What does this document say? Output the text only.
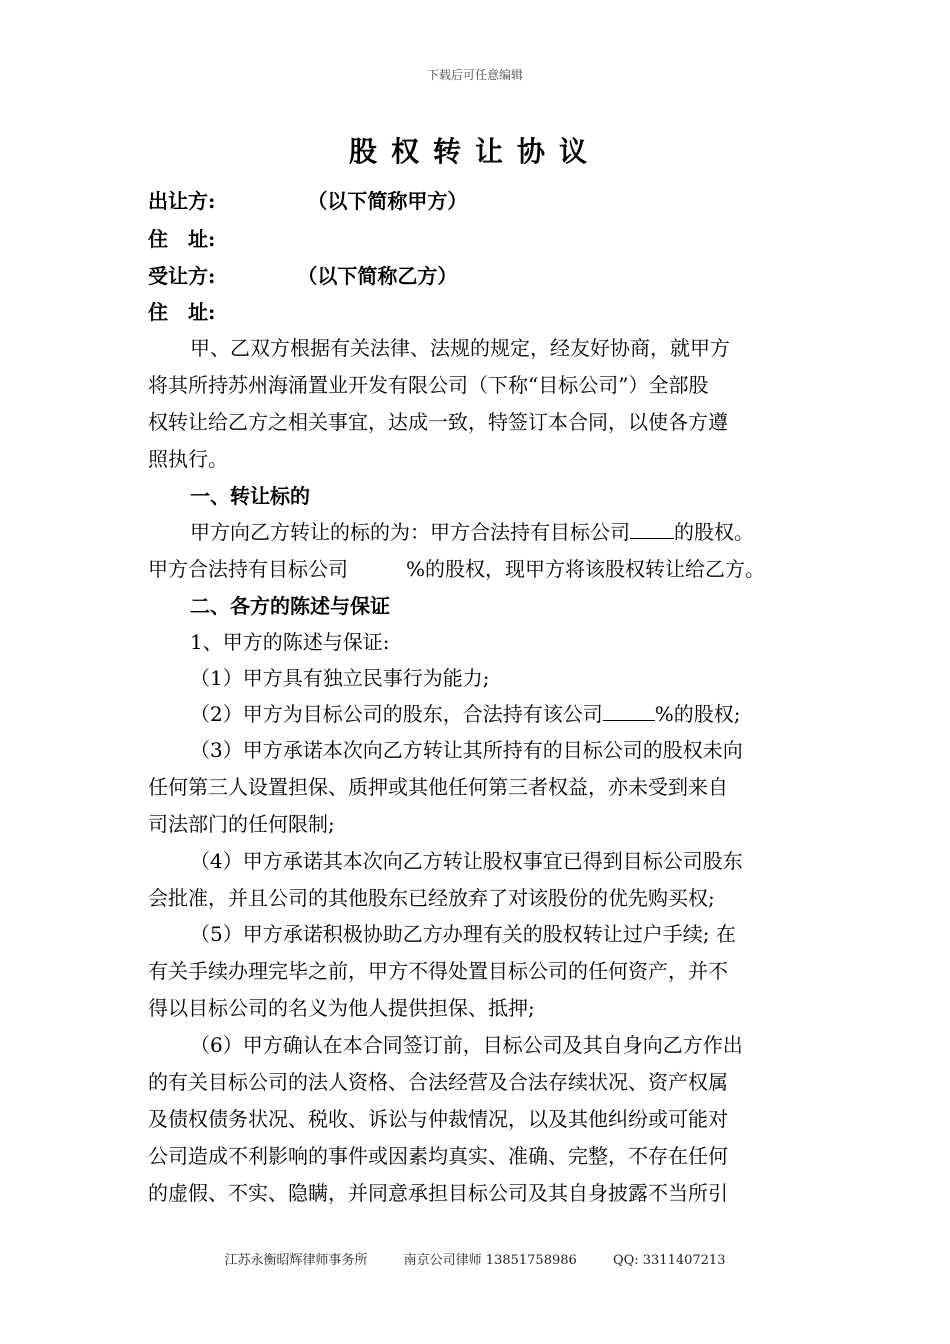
下载后可任意编辑
股权转让协议
出让方:	（以下简称甲方）
住　址:
受让方:	（以下简称乙方）
住　址:
甲、乙双方根据有关法律、法规的规定，经友好协商，就甲方
将其所持苏州海涌置业开发有限公司（下称“目标公司”）全部股
权转让给乙方之相关事宜，达成一致，特签订本合同，以使各方遵
照执行。
一、转让标的
甲方向乙方转让的标的为：甲方合法持有目标公司 的股权。
甲方合法持有目标公司	%的股权，现甲方将该股权转让给乙方。
二、各方的陈述与保证
1、甲方的陈述与保证:
（1）甲方具有独立民事行为能力;
（2）甲方为目标公司的股东，合法持有该公司	%的股权;
（3）甲方承诺本次向乙方转让其所持有的目标公司的股权未向
任何第三人设置担保、质押或其他任何第三者权益，亦未受到来自
司法部门的任何限制;
（4）甲方承诺其本次向乙方转让股权事宜已得到目标公司股东
会批准，并且公司的其他股东已经放弃了对该股份的优先购买权;
（5）甲方承诺积极协助乙方办理有关的股权转让过户手续; 在
有关手续办理完毕之前，甲方不得处置目标公司的任何资产，并不
得以目标公司的名义为他人提供担保、抵押;
（6）甲方确认在本合同签订前，目标公司及其自身向乙方作出
的有关目标公司的法人资格、合法经营及合法存续状况、资产权属
及债权债务状况、税收、诉讼与仲裁情况，以及其他纠纷或可能对
公司造成不利影响的事件或因素均真实、准确、完整，不存在任何
的虚假、不实、隐瞒，并同意承担目标公司及其自身披露不当所引
江苏永衡昭辉律师事务所	南京公司律师 13851758986	QQ: 3311407213
